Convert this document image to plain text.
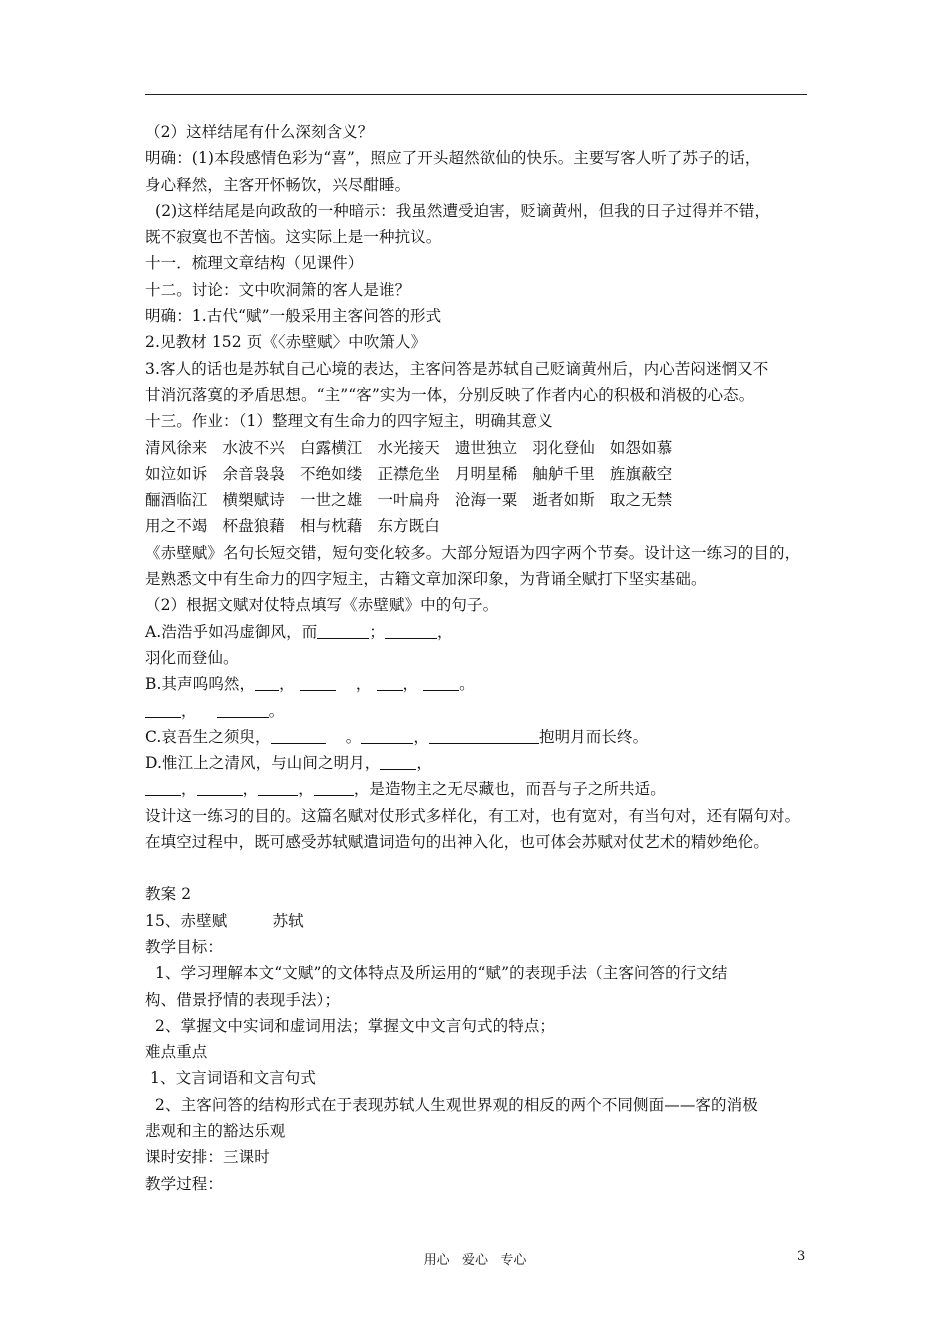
（2）这样结尾有什么深刻含义？
明确：(1)本段感情色彩为“喜”，照应了开头超然欲仙的快乐。主要写客人听了苏子的话，
身心释然，主客开怀畅饮，兴尽酣睡。
(2)这样结尾是向政敌的一种暗示：我虽然遭受迫害，贬谪黄州，但我的日子过得并不错，
既不寂寞也不苦恼。这实际上是一种抗议。
十一．梳理文章结构（见课件）
十二。讨论：文中吹洞箫的客人是谁？
明确：1.古代“赋”一般采用主客问答的形式
2.见教材 152 页《〈赤壁赋〉中吹箫人》
3.客人的话也是苏轼自己心境的表达，主客问答是苏轼自己贬谪黄州后，内心苦闷迷惘又不
甘消沉落寞的矛盾思想。“主”“客”实为一体，分别反映了作者内心的积极和消极的心态。
十三。作业：（1）整理文有生命力的四字短主，明确其意义
清风徐来   水波不兴   白露横江   水光接天   遗世独立   羽化登仙   如怨如慕
如泣如诉   余音袅袅   不绝如缕   正襟危坐   月明星稀   舳舻千里   旌旗蔽空
酾酒临江   横槊赋诗   一世之雄   一叶扁舟   沧海一粟   逝者如斯   取之无禁
用之不竭   杯盘狼藉   相与枕藉   东方既白
《赤壁赋》名句长短交错，短句变化较多。大部分短语为四字两个节奏。设计这一练习的目的，
是熟悉文中有生命力的四字短主，古籍文章加深印象，为背诵全赋打下坚实基础。
（2）根据文赋对仗特点填写《赤壁赋》中的句子。
A.浩浩乎如冯虚御风，而	；	，
羽化而登仙。
B.其声呜呜然， ，	， ，	。
，	。
C.哀吾生之须臾，	。	，	抱明月而长终。
D.惟江上之清风，与山间之明月， ，
，	，	，	，是造物主之无尽藏也，而吾与子之所共适。
设计这一练习的目的。这篇名赋对仗形式多样化，有工对，也有宽对，有当句对，还有隔句对。
在填空过程中，既可感受苏轼赋遣词造句的出神入化，也可体会苏赋对仗艺术的精妙绝伦。
教案 2
15、赤壁赋         苏轼
教学目标：
1、学习理解本文“文赋”的文体特点及所运用的“赋”的表现手法（主客问答的行文结
构、借景抒情的表现手法）；
2、掌握文中实词和虚词用法；掌握文中文言句式的特点；
难点重点
1、文言词语和文言句式
2、主客问答的结构形式在于表现苏轼人生观世界观的相反的两个不同侧面——客的消极
悲观和主的豁达乐观
课时安排：三课时
教学过程：
用心   爱心   专心	3
